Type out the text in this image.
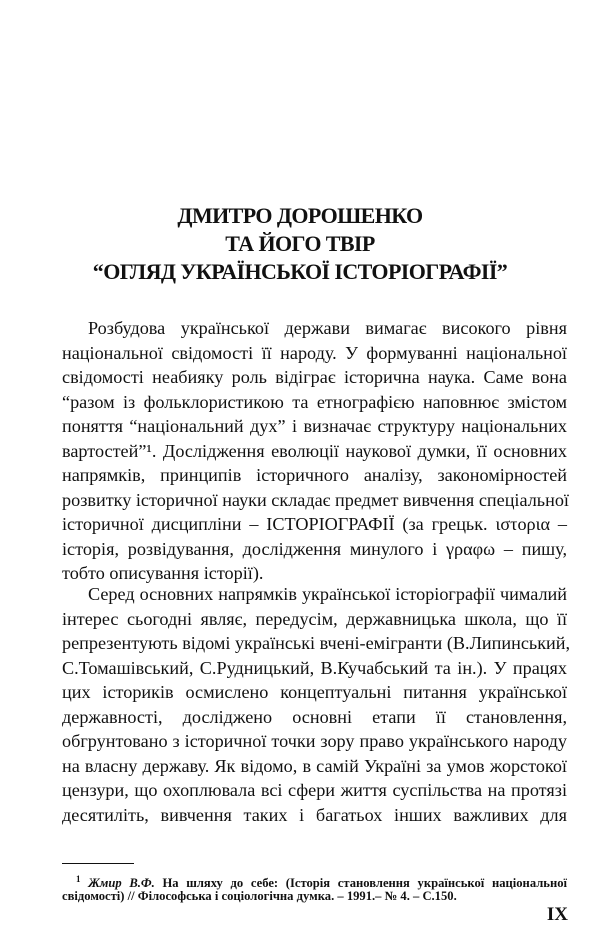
ДМИТРО ДОРОШЕНКО
ТА ЙОГО ТВІР
“ОГЛЯД УКРАЇНСЬКОЇ ІСТОРІОГРАФІЇ”
Розбудова української держави вимагає високого рівня
національної свідомості її народу. У формуванні національної
свідомості неабияку роль відіграє історична наука. Саме вона
“разом із фольклористикою та етнографією наповнює змістом
поняття “національний дух” і визначає структуру національних
вартостей”¹. Дослідження еволюції наукової думки, її основних
напрямків, принципів історичного аналізу, закономірностей
розвитку історичної науки складає предмет вивчення спеціальної
історичної дисципліни – ІСТОРІОГРАФІЇ (за грецьк. ιστορια –
історія, розвідування, дослідження минулого і γραφω – пишу,
тобто описування історії).
Серед основних напрямків української історіографії чималий
інтерес сьогодні являє, передусім, державницька школа, що її
репрезентують відомі українські вчені-емігранти (В.Липинський,
С.Томашівський, С.Рудницький, В.Кучабський та ін.). У працях
цих істориків осмислено концептуальні питання української
державності, досліджено основні етапи її становлення,
обгрунтовано з історичної точки зору право українського народу
на власну державу. Як відомо, в самій Україні за умов жорстокої
цензури, що охоплювала всі сфери життя суспільства на протязі
десятиліть, вивчення таких і багатьох інших важливих для
$^1$ Жмир В.Ф. На шляху до себе: (Історія становлення української національної
свідомості) // Філософська і соціологічна думка. – 1991.– № 4. – С.150.
IX
